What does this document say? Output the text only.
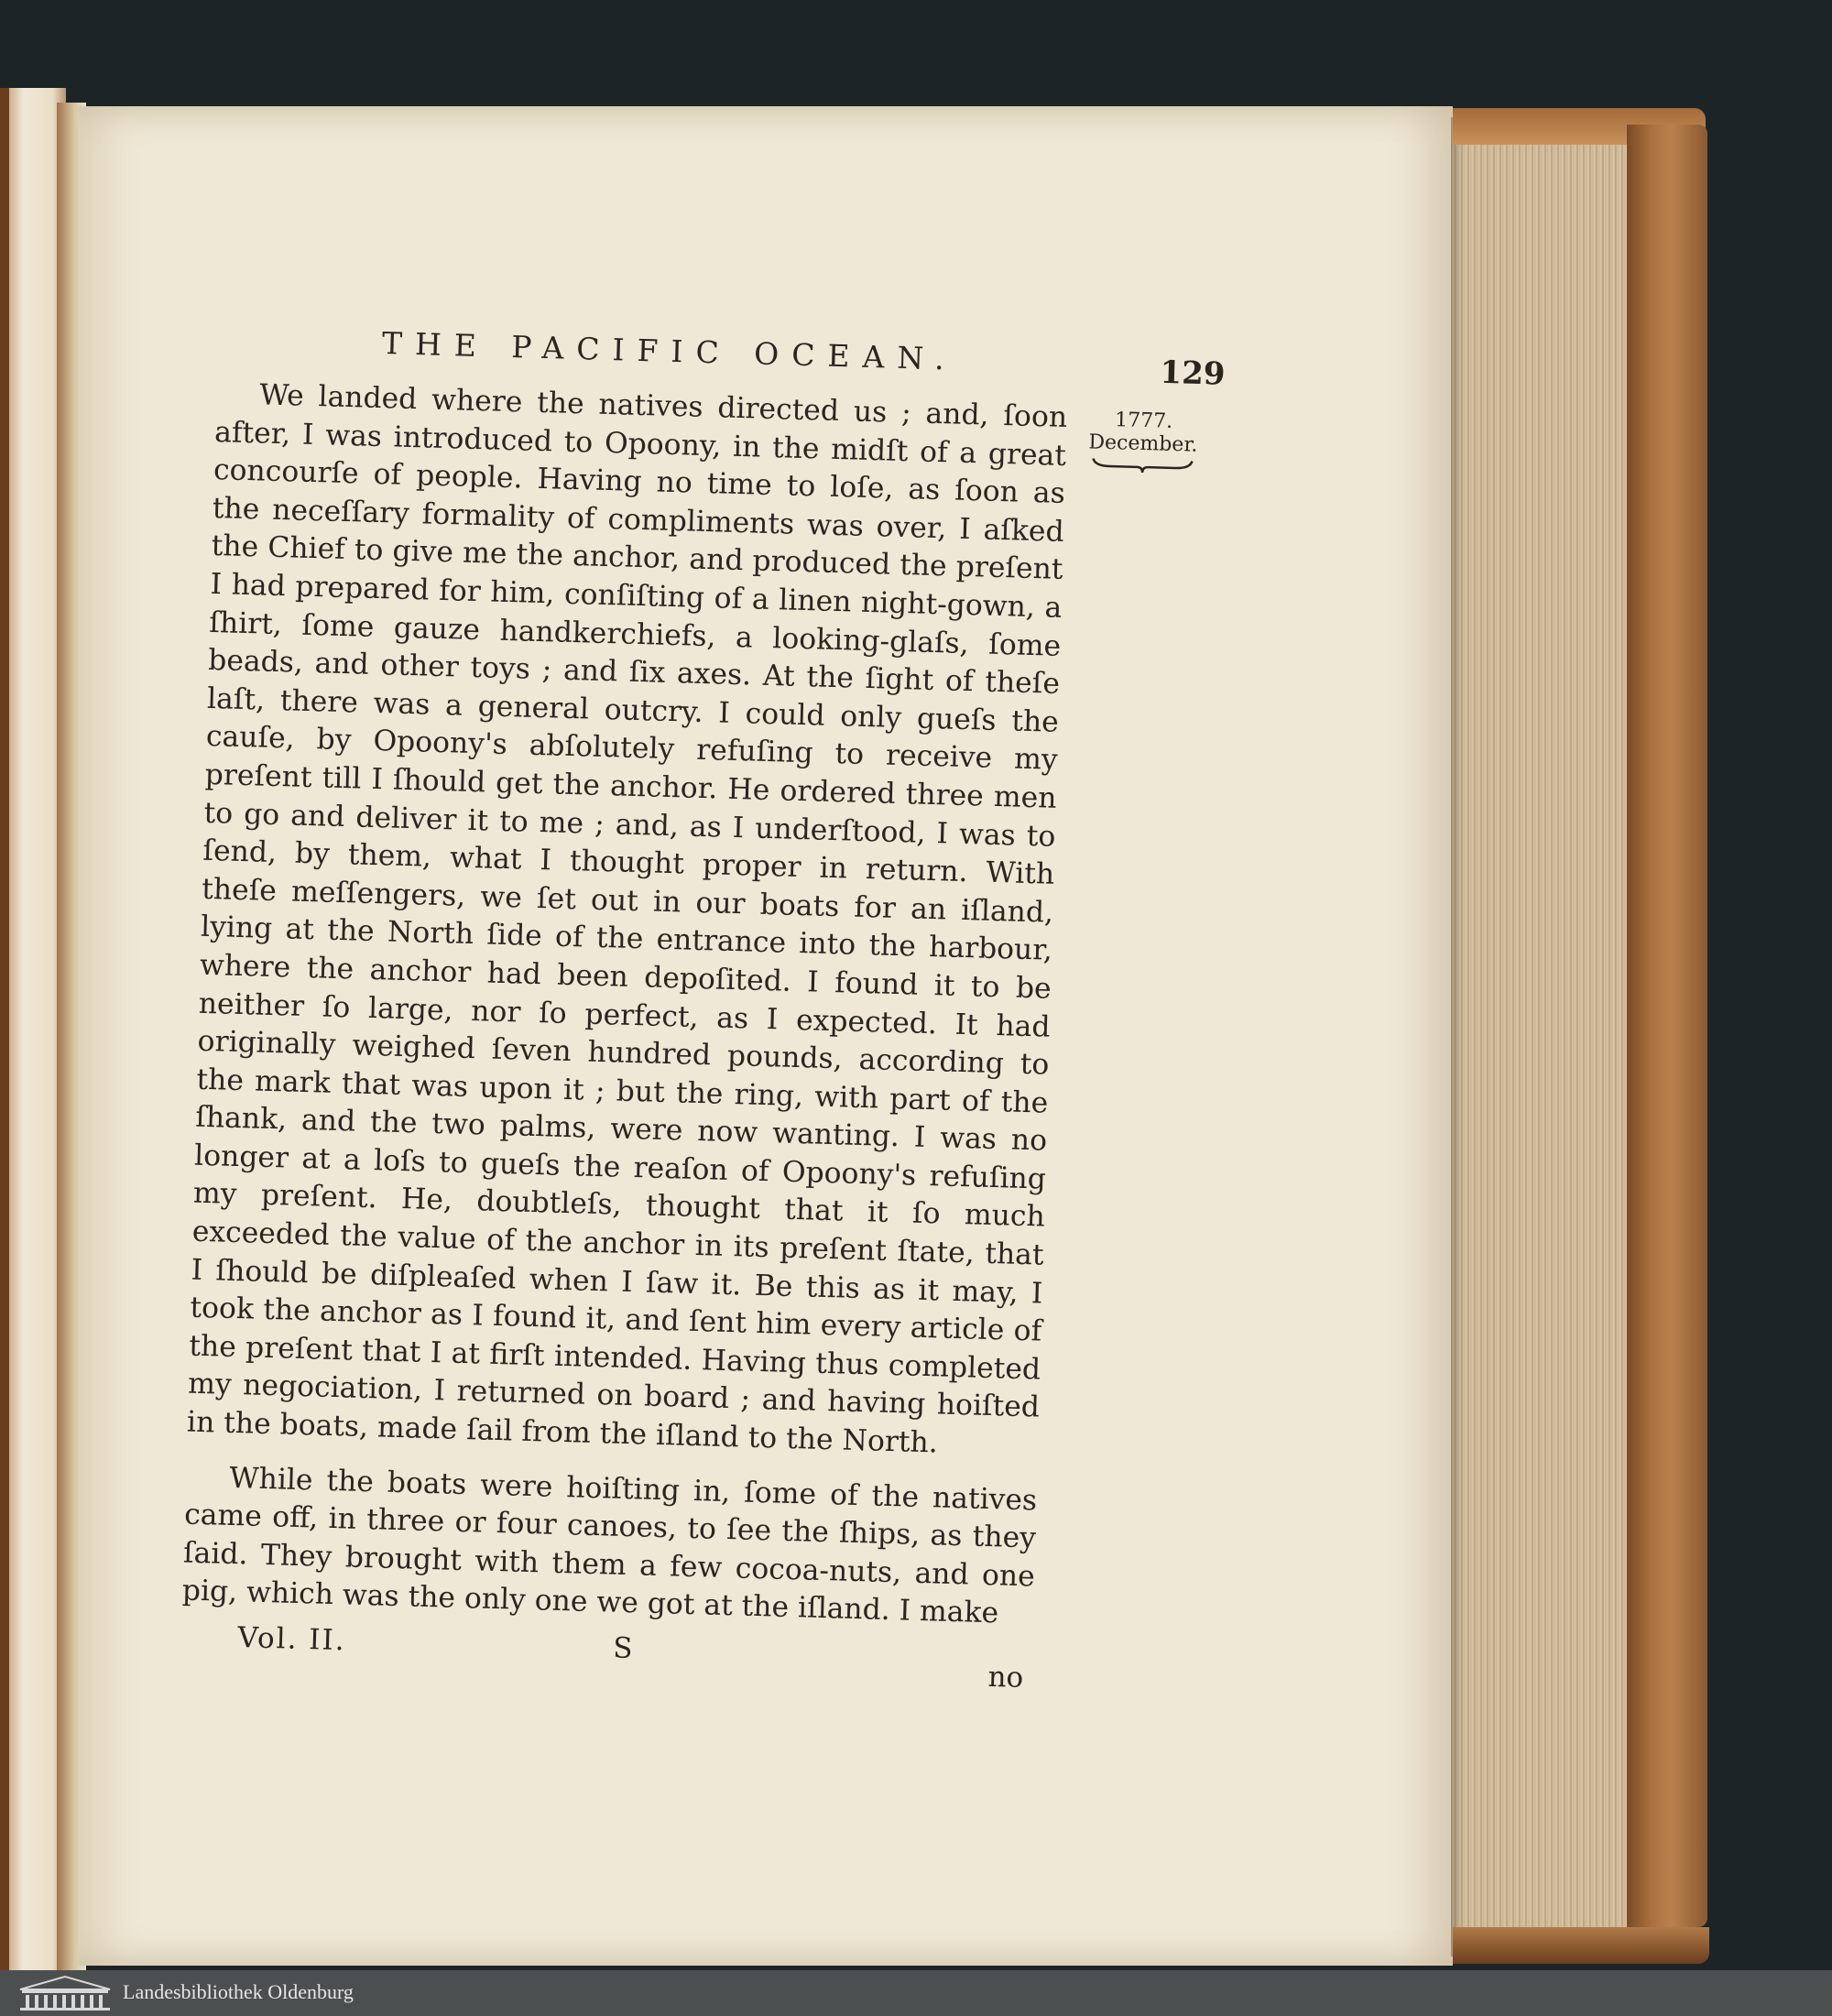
THE PACIFIC OCEAN.	129

We landed where the natives directed us ; and, ſoon after, I was introduced to Opoony, in the midſt of a great concourſe of people. Having no time to loſe, as ſoon as the neceſſary formality of compliments was over, I aſked the Chief to give me the anchor, and produced the preſent I had prepared for him, conſiſting of a linen night-gown, a ſhirt, ſome gauze handkerchiefs, a looking-glaſs, ſome beads, and other toys ; and ſix axes. At the ſight of theſe laſt, there was a general outcry. I could only gueſs the cauſe, by Opoony's abſolutely refuſing to receive my preſent till I ſhould get the anchor. He ordered three men to go and deliver it to me ; and, as I underſtood, I was to ſend, by them, what I thought proper in return. With theſe meſſengers, we ſet out in our boats for an iſland, lying at the North ſide of the entrance into the harbour, where the anchor had been depoſited. I found it to be neither ſo large, nor ſo perfect, as I expected. It had originally weighed ſeven hundred pounds, according to the mark that was upon it ; but the ring, with part of the ſhank, and the two palms, were now wanting. I was no longer at a loſs to gueſs the reaſon of Opoony's refuſing my preſent. He, doubtleſs, thought that it ſo much exceeded the value of the anchor in its preſent ſtate, that I ſhould be diſpleaſed when I ſaw it. Be this as it may, I took the anchor as I found it, and ſent him every article of the preſent that I at firſt intended. Having thus completed my negociation, I returned on board ; and having hoiſted in the boats, made ſail from the iſland to the North.

While the boats were hoiſting in, ſome of the natives came off, in three or four canoes, to ſee the ſhips, as they ſaid. They brought with them a few cocoa-nuts, and one pig, which was the only one we got at the iſland. I make

1777.
December.
Vol. II.	S
no
Landesbibliothek Oldenburg
